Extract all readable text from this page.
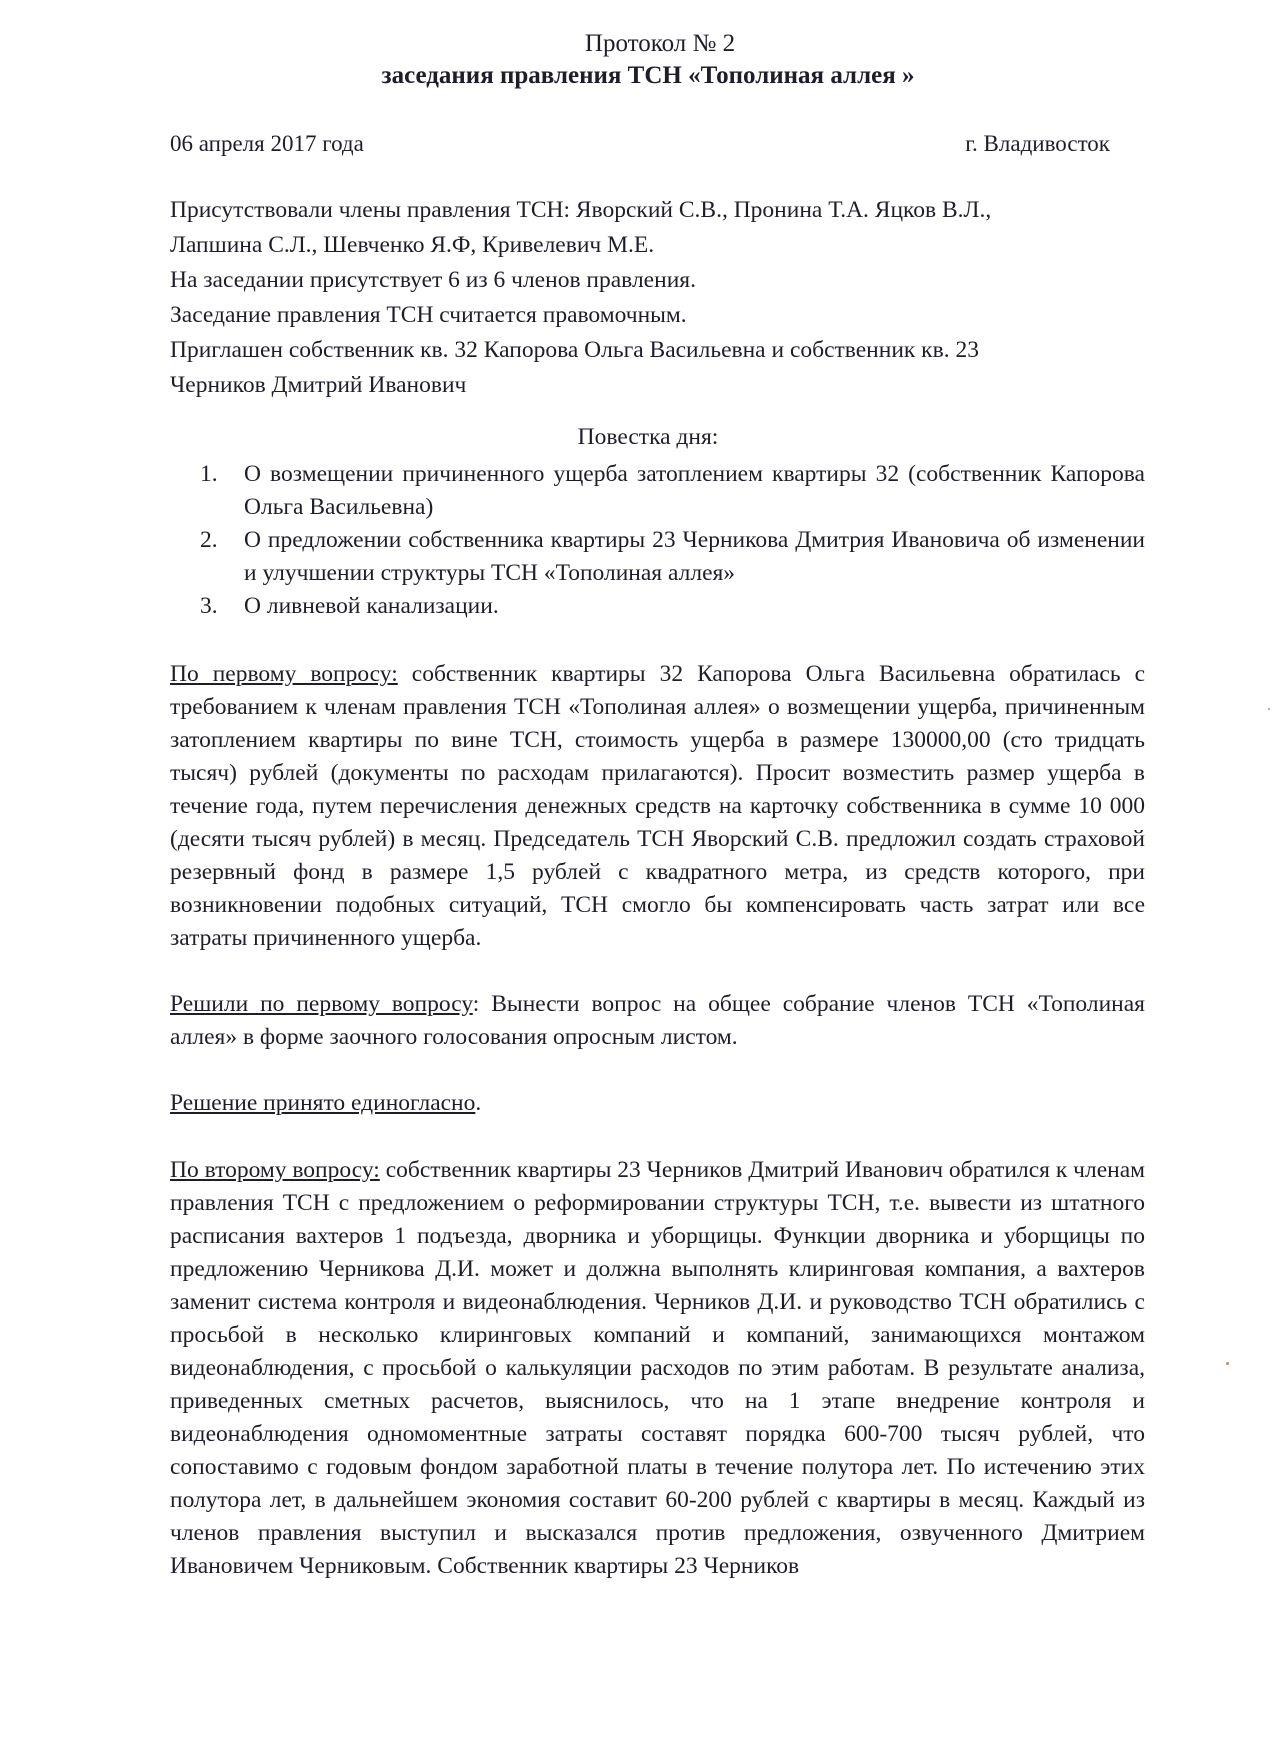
Протокол № 2
заседания правления ТСН «Тополиная аллея »
06 апреля 2017 года	г. Владивосток

Присутствовали члены правления ТСН: Яворский С.В., Пронина Т.А. Яцков В.Л.,

Лапшина С.Л., Шевченко Я.Ф, Кривелевич М.Е.

На заседании присутствует 6 из 6 членов правления.

Заседание правления ТСН считается правомочным.

Приглашен собственник кв. 32 Капорова Ольга Васильевна и собственник кв. 23

Черников Дмитрий Иванович

Повестка дня:
1. О возмещении причиненного ущерба затоплением квартиры 32 (собственник Капорова Ольга Васильевна)
2. О предложении собственника квартиры 23 Черникова Дмитрия Ивановича об изменении и улучшении структуры ТСН «Тополиная аллея»
3. О ливневой канализации.
По первому вопросу: собственник квартиры 32 Капорова Ольга Васильевна обратилась с требованием к членам правления ТСН «Тополиная аллея» о возмещении ущерба, причиненным затоплением квартиры по вине ТСН, стоимость ущерба в размере 130000,00 (сто тридцать тысяч) рублей (документы по расходам прилагаются). Просит возместить размер ущерба в течение года, путем перечисления денежных средств на карточку собственника в сумме 10 000 (десяти тысяч рублей) в месяц. Председатель ТСН Яворский С.В. предложил создать страховой резервный фонд в размере 1,5 рублей с квадратного метра, из средств которого, при возникновении подобных ситуаций, ТСН смогло бы компенсировать часть затрат или все затраты причиненного ущерба.
Решили по первому вопросу: Вынести вопрос на общее собрание членов ТСН «Тополиная аллея» в форме заочного голосования опросным листом.
Решение принято единогласно.
По второму вопросу: собственник квартиры 23 Черников Дмитрий Иванович обратился к членам правления ТСН с предложением о реформировании структуры ТСН, т.е. вывести из штатного расписания вахтеров 1 подъезда, дворника и уборщицы. Функции дворника и уборщицы по предложению Черникова Д.И. может и должна выполнять клиринговая компания, а вахтеров заменит система контроля и видеонаблюдения. Черников Д.И. и руководство ТСН обратились с просьбой в несколько клиринговых компаний и компаний, занимающихся монтажом видеонаблюдения, с просьбой о калькуляции расходов по этим работам. В результате анализа, приведенных сметных расчетов, выяснилось, что на 1 этапе внедрение контроля и видеонаблюдения одномоментные затраты составят порядка 600-700 тысяч рублей, что сопоставимо с годовым фондом заработной платы в течение полутора лет. По истечению этих полутора лет, в дальнейшем экономия составит 60-200 рублей с квартиры в месяц. Каждый из членов правления выступил и высказался против предложения, озвученного Дмитрием Ивановичем Черниковым. Собственник квартиры 23 Черников
